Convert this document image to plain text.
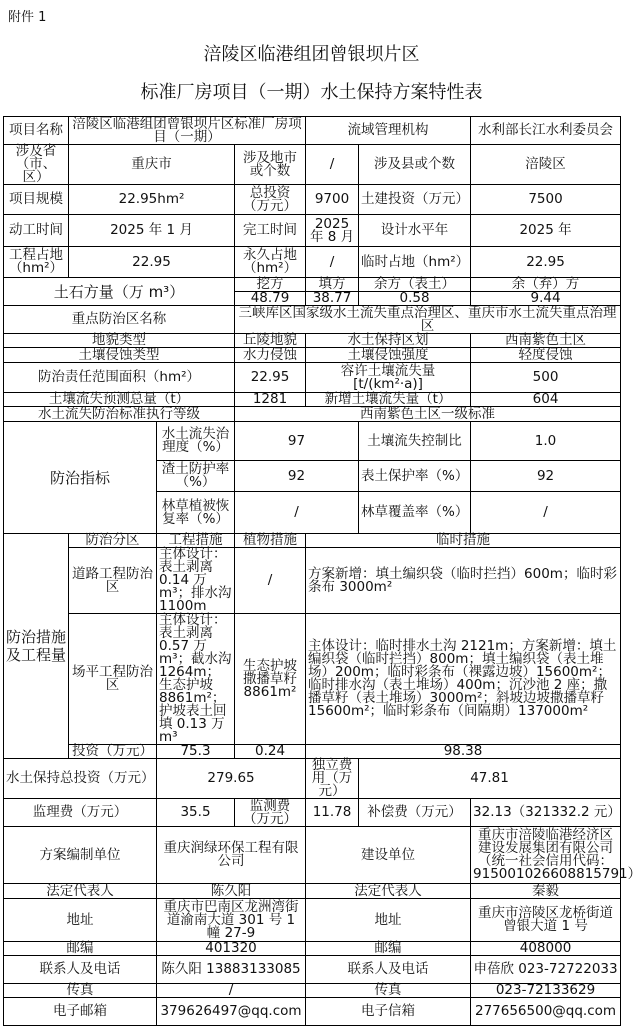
附件 1
涪陵区临港组团曾银坝片区
标准厂房项目（一期）水土保持方案特性表
项目名称	涪陵区临港组团曾银坝片区标准厂房项目（一期）			流域管理机构		水利部长江水利委员会
涉及省（市、区）	重庆市		涉及地市或个数	/	涉及县或个数	涪陵区
项目规模	22.95hm²		总投资（万元）	9700	土建投资（万元）	7500
动工时间	2025 年 1 月		完工时间	2025 年 8 月	设计水平年	2025 年
工程占地（hm²）	22.95		永久占地（hm²）	/	临时占地（hm²）	22.95
土石方量（万 m³）			挖方	填方	余方（表土）	余（弃）方
			48.79	38.77	0.58	9.44
重点防治区名称			三峡库区国家级水土流失重点治理区、重庆市水土流失重点治理区			
地貌类型			丘陵地貌	水土保持区划		西南紫色土区
土壤侵蚀类型			水力侵蚀	土壤侵蚀强度		轻度侵蚀
防治责任范围面积（hm²）			22.95	容许土壤流失量[t/(km²·a)]		500
土壤流失预测总量（t）			1281	新增土壤流失量（t）		604
水土流失防治标准执行等级			西南紫色土区一级标准			
防治指标		水土流失治理度（%）	97		土壤流失控制比	1.0
		渣土防护率（%）	92		表土保护率（%）	92
		林草植被恢复率（%）	/		林草覆盖率（%）	/
防治措施及工程量	防治分区	工程措施	植物措施	临时措施		
	道路工程防治区	主体设计：表土剥离 0.14 万 m³；排水沟 1100m	/	方案新增：填土编织袋（临时拦挡）600m；临时彩条布 3000m²		
	场平工程防治区	主体设计：表土剥离 0.57 万 m³；截水沟 1264m；生态护坡 8861m²；护坡表土回填 0.13 万 m³	生态护坡撒播草籽 8861m²	主体设计：临时排水土沟 2121m；方案新增：填土编织袋（临时拦挡）800m；填土编织袋（表土堆场）200m；临时彩条布（裸露边坡）15600m²；临时排水沟（表土堆场）400m；沉沙池 2 座；撒播草籽（表土堆场）3000m²；斜坡边坡撒播草籽 15600m²；临时彩条布（间隔期）137000m²		
	投资（万元）	75.3	0.24	98.38		
水土保持总投资（万元）		279.65		独立费用（万元）	47.81	
监理费（万元）		35.5	监测费（万元）	11.78	补偿费（万元）	32.13（321332.2 元）
方案编制单位		重庆润绿环保工程有限公司		建设单位		重庆市涪陵临港经济区建设发展集团有限公司（统一社会信用代码：915001026608815791）
法定代表人		陈久阳		法定代表人		秦毅
地址		重庆市巴南区龙洲湾街道渝南大道 301 号 1 幢 27-9		地址		重庆市涪陵区龙桥街道曾银大道 1 号
邮编		401320		邮编		408000
联系人及电话		陈久阳 13883133085		联系人及电话		申蓓欣 023-72722033
传真		/		传真		023-72133629
电子邮箱		379626497@qq.com		电子信箱		277656500@qq.com
